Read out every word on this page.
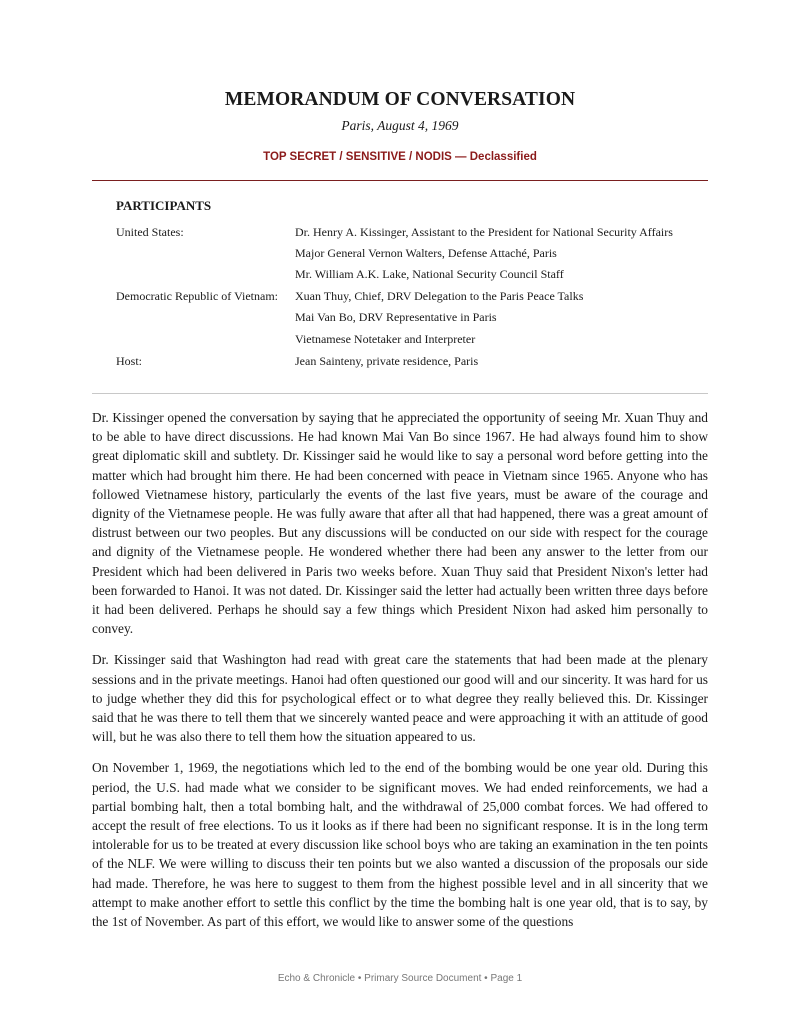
MEMORANDUM OF CONVERSATION
Paris, August 4, 1969
TOP SECRET / SENSITIVE / NODIS — Declassified
PARTICIPANTS
United States:	Dr. Henry A. Kissinger, Assistant to the President for National Security Affairs
Major General Vernon Walters, Defense Attaché, Paris
Mr. William A.K. Lake, National Security Council Staff
Democratic Republic of Vietnam: Xuan Thuy, Chief, DRV Delegation to the Paris Peace Talks
Mai Van Bo, DRV Representative in Paris
Vietnamese Notetaker and Interpreter
Host:	Jean Sainteny, private residence, Paris

Dr. Kissinger opened the conversation by saying that he appreciated the opportunity of seeing Mr. Xuan Thuy and to be able to have direct discussions. He had known Mai Van Bo since 1967. He had always found him to show great diplomatic skill and subtlety. Dr. Kissinger said he would like to say a personal word before getting into the matter which had brought him there. He had been concerned with peace in Vietnam since 1965. Anyone who has followed Vietnamese history, particularly the events of the last five years, must be aware of the courage and dignity of the Vietnamese people. He was fully aware that after all that had happened, there was a great amount of distrust between our two peoples. But any discussions will be conducted on our side with respect for the courage and dignity of the Vietnamese people. He wondered whether there had been any answer to the letter from our President which had been delivered in Paris two weeks before. Xuan Thuy said that President Nixon's letter had been forwarded to Hanoi. It was not dated. Dr. Kissinger said the letter had actually been written three days before it had been delivered. Perhaps he should say a few things which President Nixon had asked him personally to convey.

Dr. Kissinger said that Washington had read with great care the statements that had been made at the plenary sessions and in the private meetings. Hanoi had often questioned our good will and our sincerity. It was hard for us to judge whether they did this for psychological effect or to what degree they really believed this. Dr. Kissinger said that he was there to tell them that we sincerely wanted peace and were approaching it with an attitude of good will, but he was also there to tell them how the situation appeared to us.

On November 1, 1969, the negotiations which led to the end of the bombing would be one year old. During this period, the U.S. had made what we consider to be significant moves. We had ended reinforcements, we had a partial bombing halt, then a total bombing halt, and the withdrawal of 25,000 combat forces. We had offered to accept the result of free elections. To us it looks as if there had been no significant response. It is in the long term intolerable for us to be treated at every discussion like school boys who are taking an examination in the ten points of the NLF. We were willing to discuss their ten points but we also wanted a discussion of the proposals our side had made. Therefore, he was here to suggest to them from the highest possible level and in all sincerity that we attempt to make another effort to settle this conflict by the time the bombing halt is one year old, that is to say, by the 1st of November. As part of this effort, we would like to answer some of the questions

Echo & Chronicle • Primary Source Document • Page 1
